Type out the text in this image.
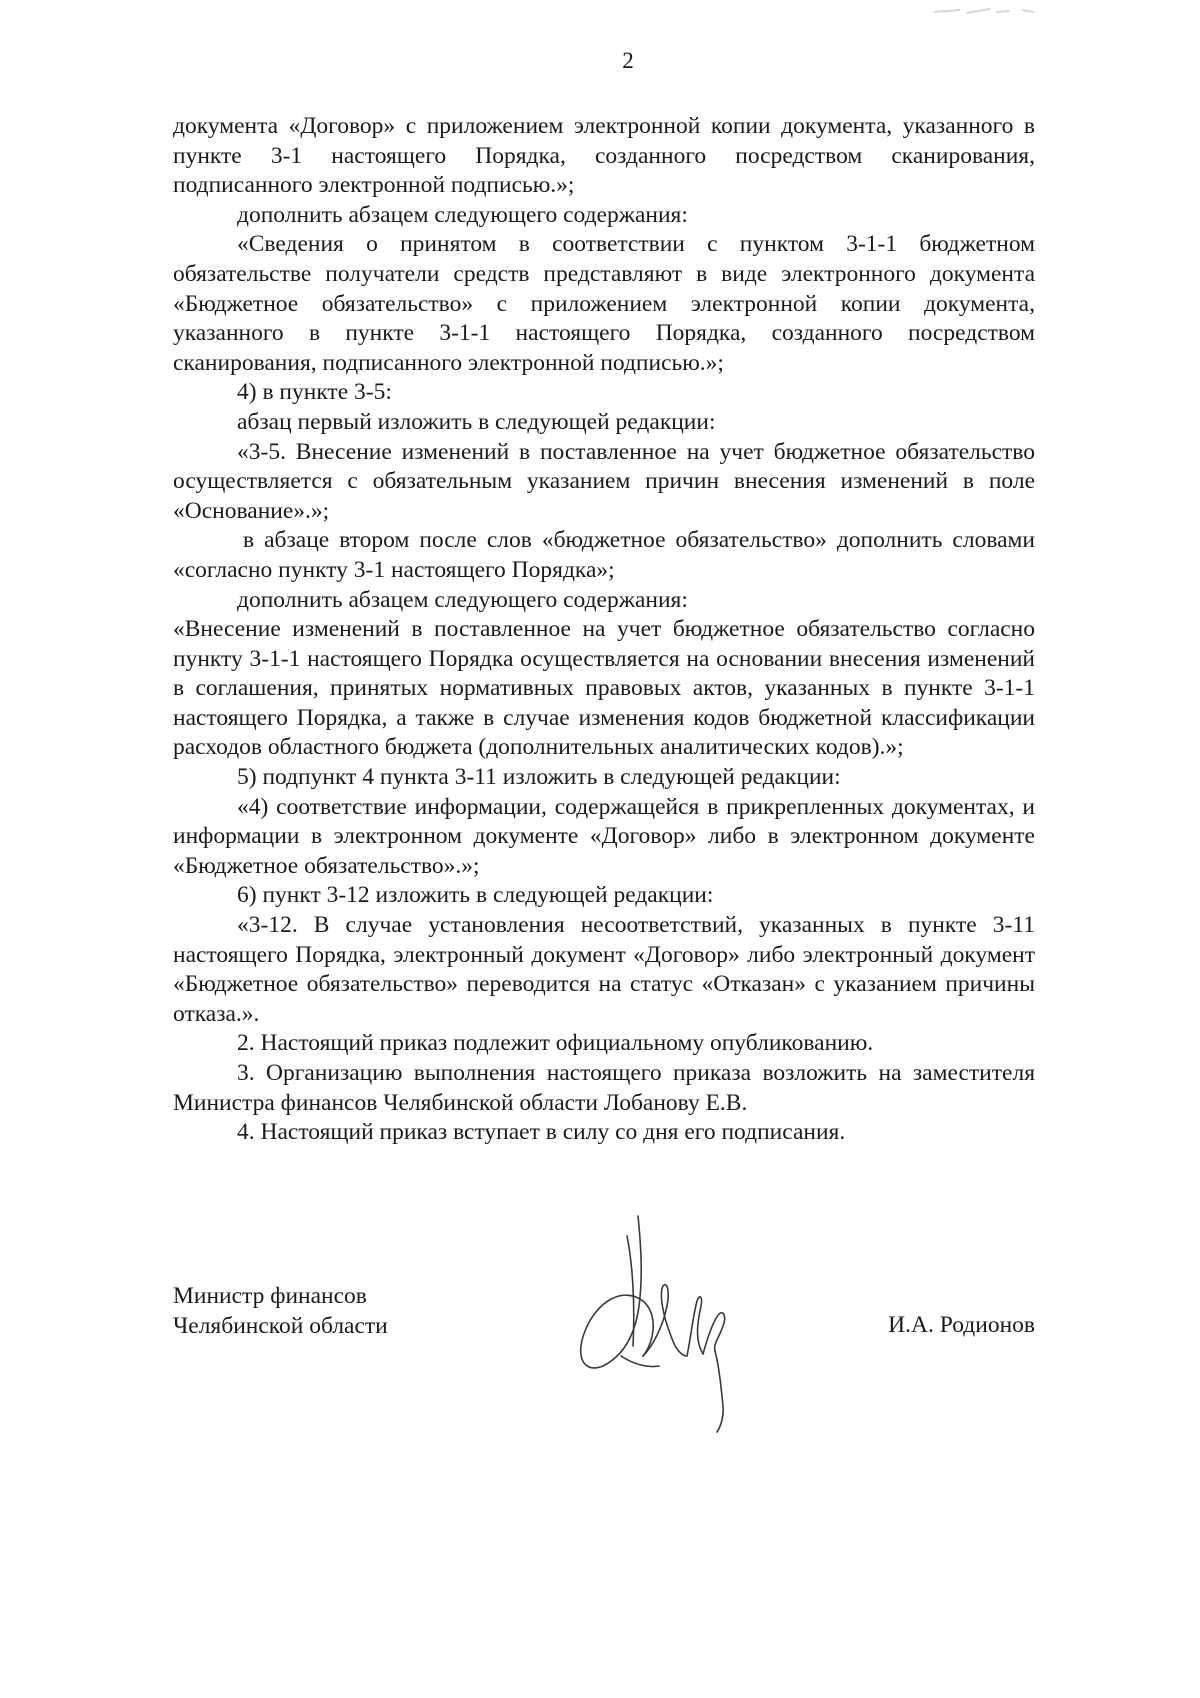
2

документа «Договор» с приложением электронной копии документа, указанного в пункте 3-1 настоящего Порядка, созданного посредством сканирования, подписанного электронной подписью.»;

дополнить абзацем следующего содержания:

«Сведения о принятом в соответствии с пунктом 3-1-1 бюджетном обязательстве получатели средств представляют в виде электронного документа «Бюджетное обязательство» с приложением электронной копии документа, указанного в пункте 3-1-1 настоящего Порядка, созданного посредством сканирования, подписанного электронной подписью.»;

4) в пункте 3-5:

абзац первый изложить в следующей редакции:

«3-5. Внесение изменений в поставленное на учет бюджетное обязательство осуществляется с обязательным указанием причин внесения изменений в поле «Основание».»;

в абзаце втором после слов «бюджетное обязательство» дополнить словами «согласно пункту 3-1 настоящего Порядка»;

дополнить абзацем следующего содержания:

«Внесение изменений в поставленное на учет бюджетное обязательство согласно пункту 3-1-1 настоящего Порядка осуществляется на основании внесения изменений в соглашения, принятых нормативных правовых актов, указанных в пункте 3-1-1 настоящего Порядка, а также в случае изменения кодов бюджетной классификации расходов областного бюджета (дополнительных аналитических кодов).»;

5) подпункт 4 пункта 3-11 изложить в следующей редакции:

«4) соответствие информации, содержащейся в прикрепленных документах, и информации в электронном документе «Договор» либо в электронном документе «Бюджетное обязательство».»;

6) пункт 3-12 изложить в следующей редакции:

«3-12. В случае установления несоответствий, указанных в пункте 3-11 настоящего Порядка, электронный документ «Договор» либо электронный документ «Бюджетное обязательство» переводится на статус «Отказан» с указанием причины отказа.».

2. Настоящий приказ подлежит официальному опубликованию.

3. Организацию выполнения настоящего приказа возложить на заместителя Министра финансов Челябинской области Лобанову Е.В.

4. Настоящий приказ вступает в силу со дня его подписания.

Министр финансов
Челябинской области	И.А. Родионов
